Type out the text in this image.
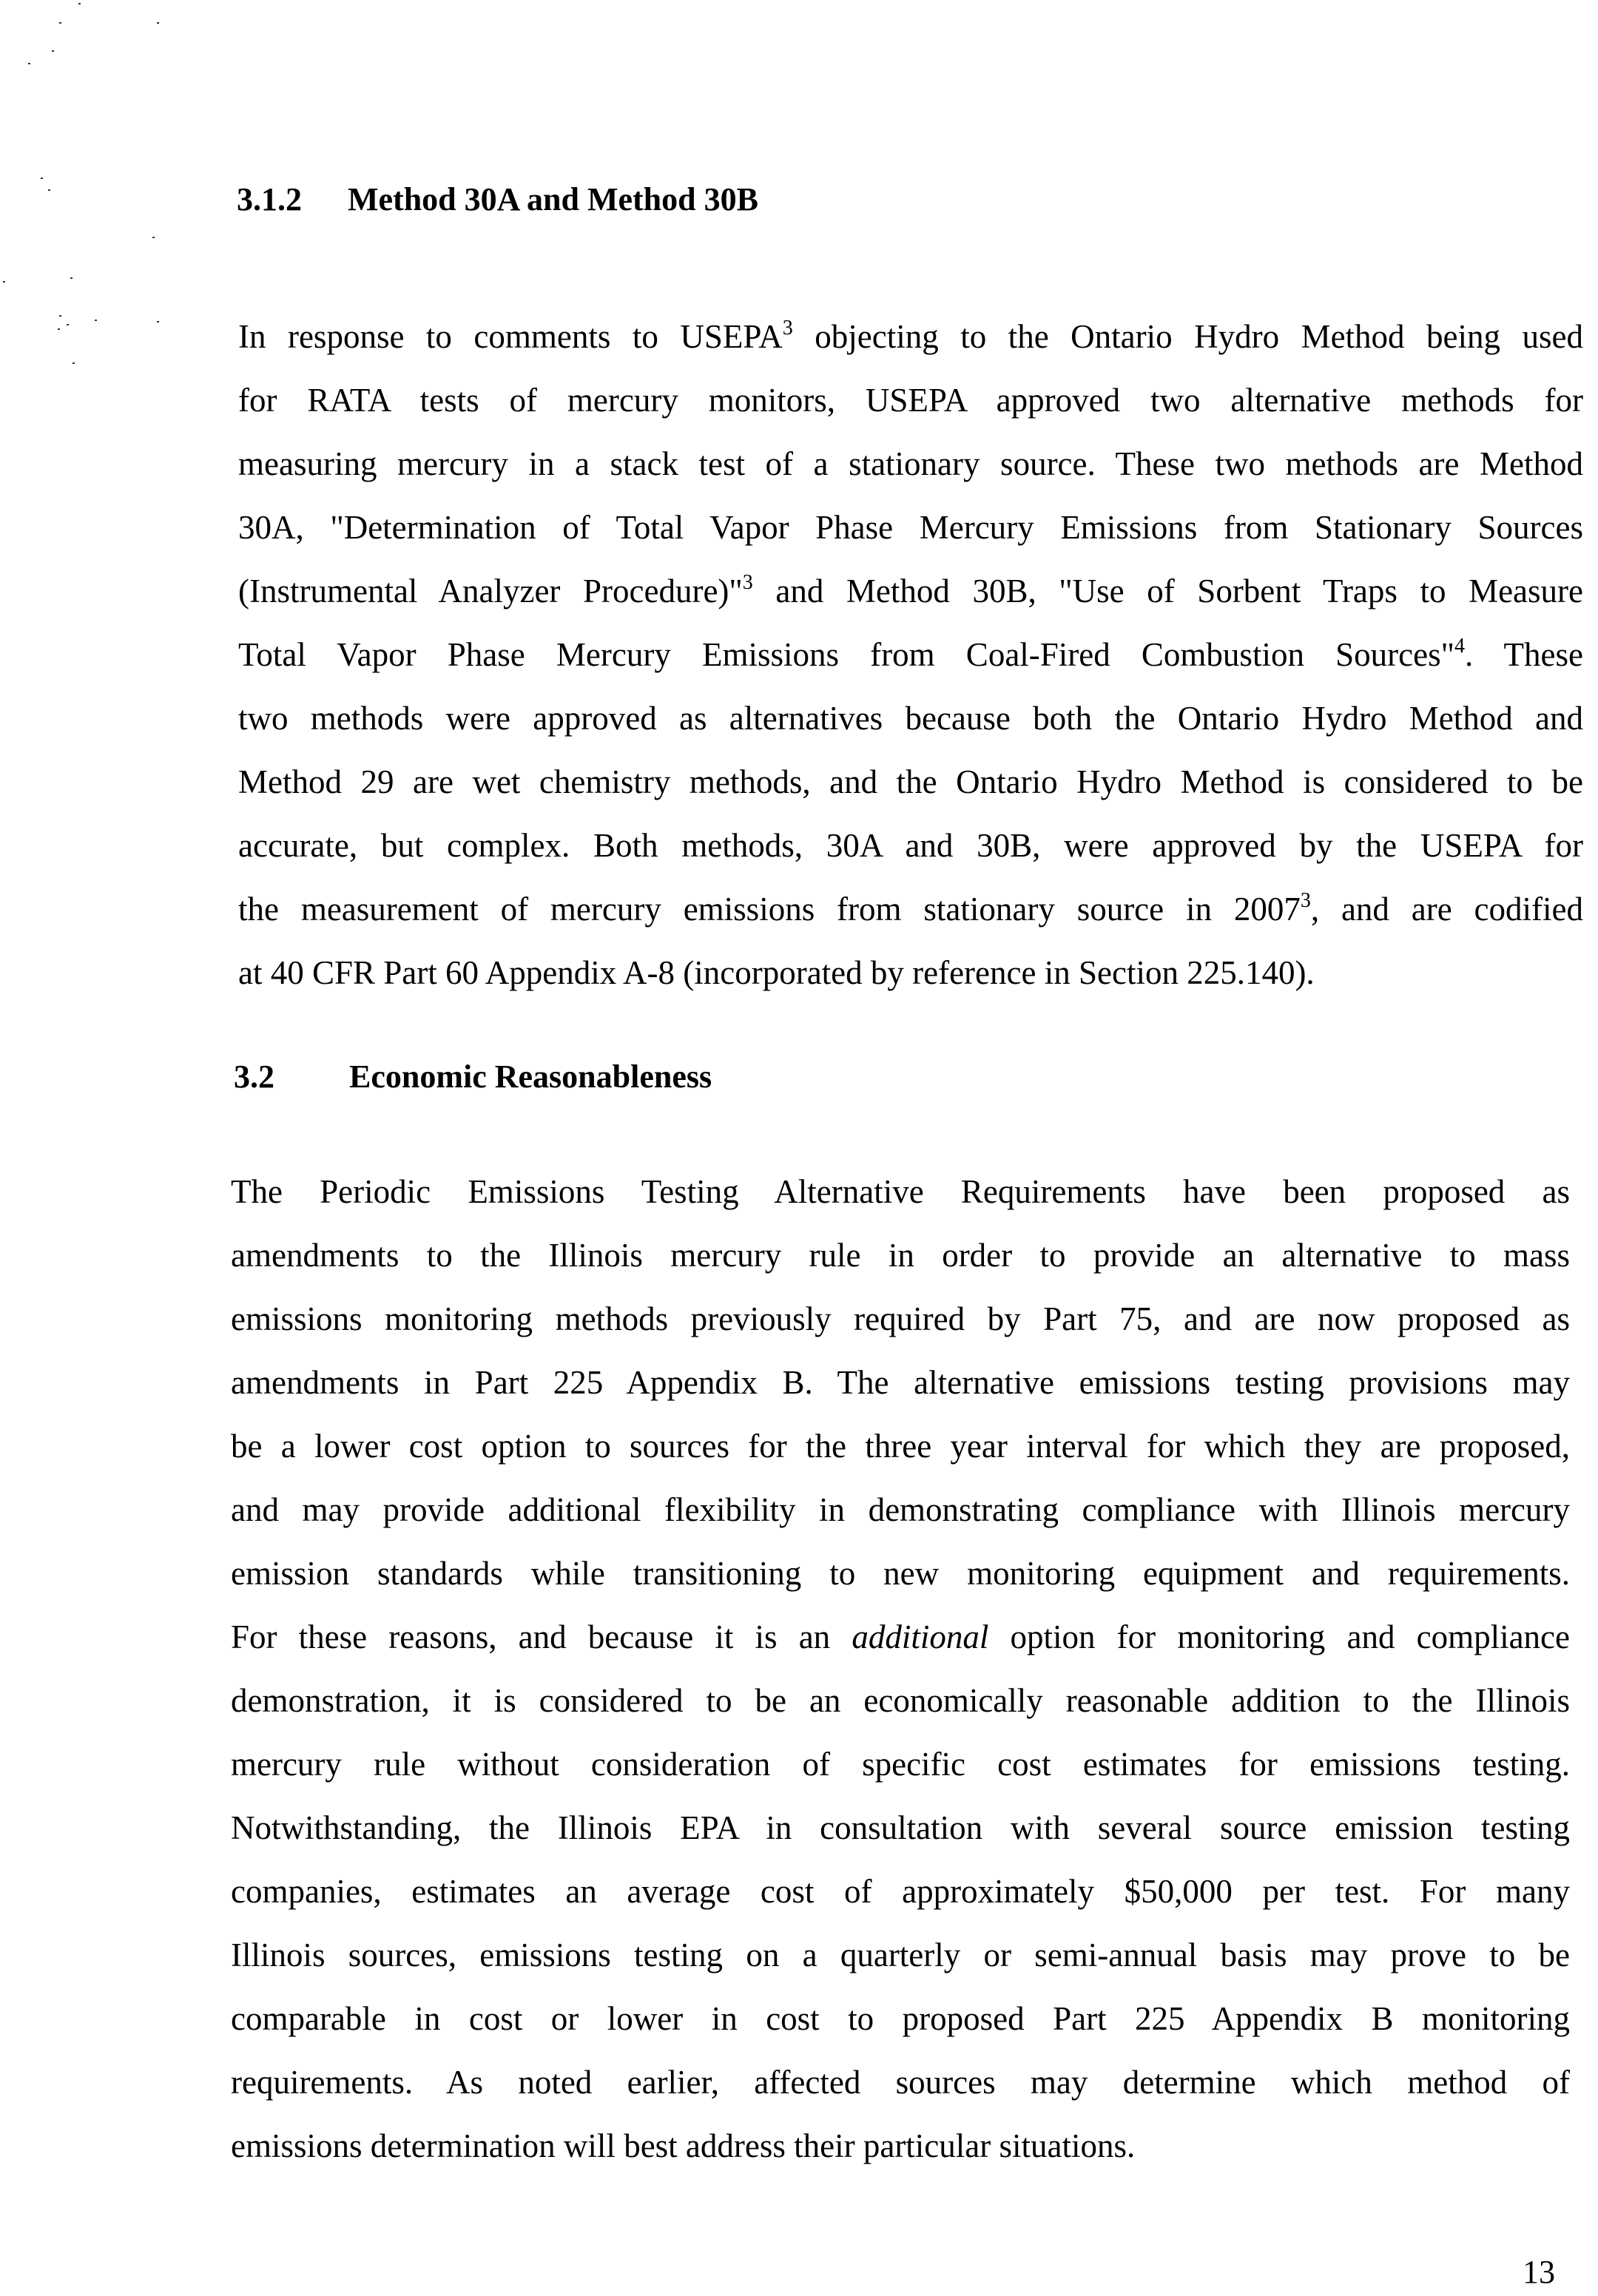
3.1.2 Method 30A and Method 30B
In response to comments to USEPA$^3$ objecting to the Ontario Hydro Method being used
for RATA tests of mercury monitors, USEPA approved two alternative methods for
measuring mercury in a stack test of a stationary source. These two methods are Method
30A, "Determination of Total Vapor Phase Mercury Emissions from Stationary Sources
(Instrumental Analyzer Procedure)"$^3$ and Method 30B, "Use of Sorbent Traps to Measure
Total Vapor Phase Mercury Emissions from Coal-Fired Combustion Sources"$^4$. These
two methods were approved as alternatives because both the Ontario Hydro Method and
Method 29 are wet chemistry methods, and the Ontario Hydro Method is considered to be
accurate, but complex. Both methods, 30A and 30B, were approved by the USEPA for
the measurement of mercury emissions from stationary source in 2007$^3$, and are codified
at 40 CFR Part 60 Appendix A-8 (incorporated by reference in Section 225.140).
3.2 Economic Reasonableness
The Periodic Emissions Testing Alternative Requirements have been proposed as
amendments to the Illinois mercury rule in order to provide an alternative to mass
emissions monitoring methods previously required by Part 75, and are now proposed as
amendments in Part 225 Appendix B. The alternative emissions testing provisions may
be a lower cost option to sources for the three year interval for which they are proposed,
and may provide additional flexibility in demonstrating compliance with Illinois mercury
emission standards while transitioning to new monitoring equipment and requirements.
For these reasons, and because it is an additional option for monitoring and compliance
demonstration, it is considered to be an economically reasonable addition to the Illinois
mercury rule without consideration of specific cost estimates for emissions testing.
Notwithstanding, the Illinois EPA in consultation with several source emission testing
companies, estimates an average cost of approximately $50,000 per test. For many
Illinois sources, emissions testing on a quarterly or semi-annual basis may prove to be
comparable in cost or lower in cost to proposed Part 225 Appendix B monitoring
requirements. As noted earlier, affected sources may determine which method of
emissions determination will best address their particular situations.
13
